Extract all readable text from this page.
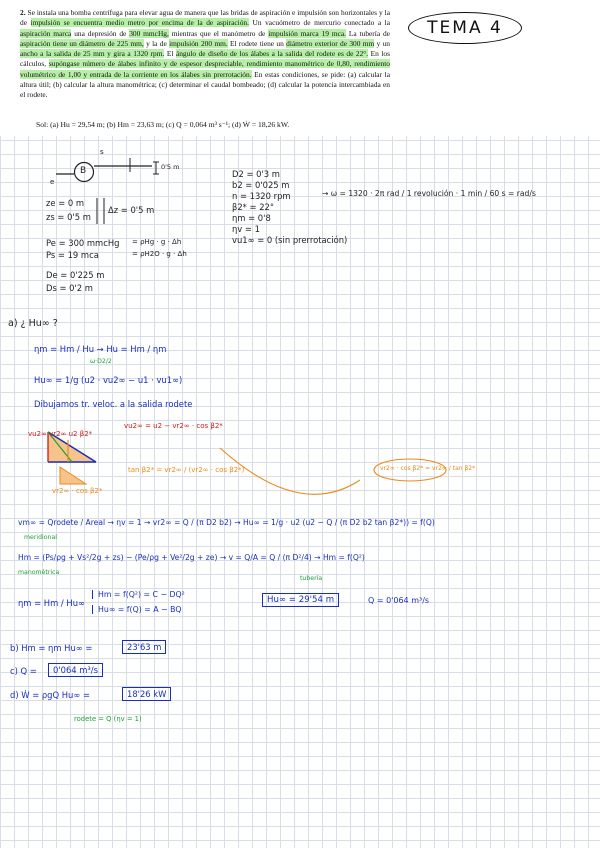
2. Se instala una bomba centrífuga para elevar agua de manera que las bridas de aspiración e impulsión son horizontales y la de impulsión se encuentra medio metro por encima de la de aspiración. Un vacuómetro de mercurio conectado a la aspiración marca una depresión de 300 mmcHg, mientras que el manómetro de impulsión marca 19 mca. La tubería de aspiración tiene un diámetro de 225 mm, y la de impulsión 200 mm. El rodete tiene un diámetro exterior de 300 mm y un ancho a la salida de 25 mm y gira a 1320 rpm. El ángulo de diseño de los álabes a la salida del rodete es de 22°. En los cálculos, supóngase número de álabes infinito y de espesor despreciable, rendimiento manométrico de 0,80, rendimiento volumétrico de 1,00 y entrada de la corriente en los álabes sin prerrotación. En estas condiciones, se pide: (a) calcular la altura útil; (b) calcular la altura manométrica; (c) determinar el caudal bombeado; (d) calcular la potencia intercambiada en el rodete.
Sol: (a) Hu = 29,54 m; (b) Hm = 23,63 m; (c) Q = 0,064 m³ s⁻¹; (d) Ẇ = 18,26 kW.
TEMA 4
s
e
B	0'5 m
ze = 0 m
zs = 0'5 m
Δz = 0'5 m
Pe = 300 mmcHg
Ps = 19 mca
= ρHg · g · Δh
= ρH2O · g · Δh
De = 0'225 m
Ds = 0'2 m
D2 = 0'3 m
b2 = 0'025 m
n = 1320 rpm
β2* = 22°
ηm = 0'8
ηv = 1
vu1∞ = 0 (sin prerrotación)
→ ω = 1320 · 2π rad / 1 revolución · 1 min / 60 s = rad/s
a) ¿ Hu∞ ?
ηm = Hm / Hu → Hu = Hm / ηm
ω·D2/2
Hu∞ = 1/g (u2 · vu2∞ − u1 · vu1∞)
Dibujamos tr. veloc. a la salida rodete
vu2∞ vr2∞ u2 β2*
vu2∞ = u2 − vr2∞ · cos β2*
tan β2* = vr2∞ / (vr2∞ · cos β2*)
vr2∞ · cos β2*
vr2∞ · cos β2* = vr2∞ / tan β2*
vm∞ = Qrodete / Areal → ηv = 1 → vr2∞ = Q / (π D2 b2) → Hu∞ = 1/g · u2 (u2 − Q / (π D2 b2 tan β2*)) = f(Q)
meridional
Hm = (Ps/ρg + Vs²/2g + zs) − (Pe/ρg + Ve²/2g + ze) → v = Q/A = Q / (π D²/4) → Hm = f(Q²)
manométrica
tubería
ηm = Hm / Hu∞
Hm = f(Q²) = C − DQ²
Hu∞ = f(Q) = A − BQ
Hu∞ = 29'54 m	Q = 0'064 m³/s
b) Hm = ηm Hu∞ =	23'63 m
c) Q =	0'064 m³/s
d) Ẇ = ρgQ Hu∞ =	18'26 kW
rodete = Q (ηv = 1)
